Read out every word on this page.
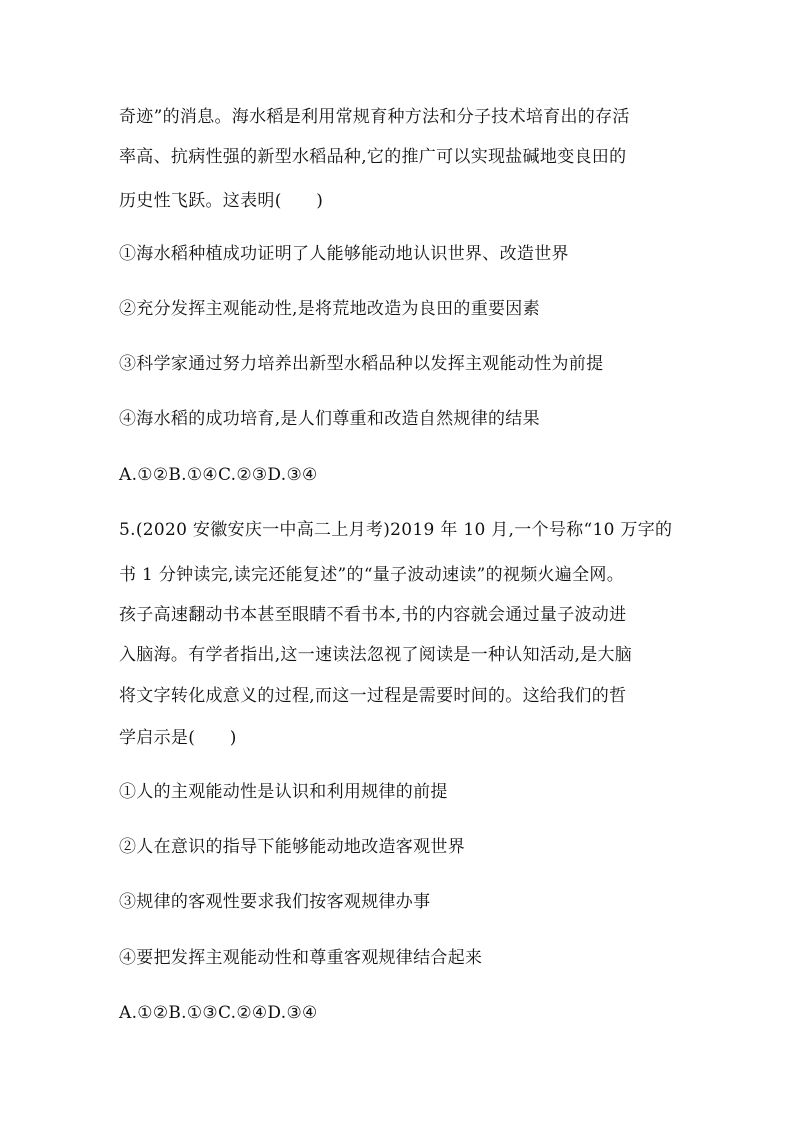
奇迹”的消息。海水稻是利用常规育种方法和分子技术培育出的存活
率高、抗病性强的新型水稻品种,它的推广可以实现盐碱地变良田的
历史性飞跃。这表明(　　)
①海水稻种植成功证明了人能够能动地认识世界、改造世界
②充分发挥主观能动性,是将荒地改造为良田的重要因素
③科学家通过努力培养出新型水稻品种以发挥主观能动性为前提
④海水稻的成功培育,是人们尊重和改造自然规律的结果
A.①②B.①④C.②③D.③④
5.(2020 安徽安庆一中高二上月考)2019 年 10 月,一个号称“10 万字的
书 1 分钟读完,读完还能复述”的“量子波动速读”的视频火遍全网。
孩子高速翻动书本甚至眼睛不看书本,书的内容就会通过量子波动进
入脑海。有学者指出,这一速读法忽视了阅读是一种认知活动,是大脑
将文字转化成意义的过程,而这一过程是需要时间的。这给我们的哲
学启示是(　　)
①人的主观能动性是认识和利用规律的前提
②人在意识的指导下能够能动地改造客观世界
③规律的客观性要求我们按客观规律办事
④要把发挥主观能动性和尊重客观规律结合起来
A.①②B.①③C.②④D.③④
